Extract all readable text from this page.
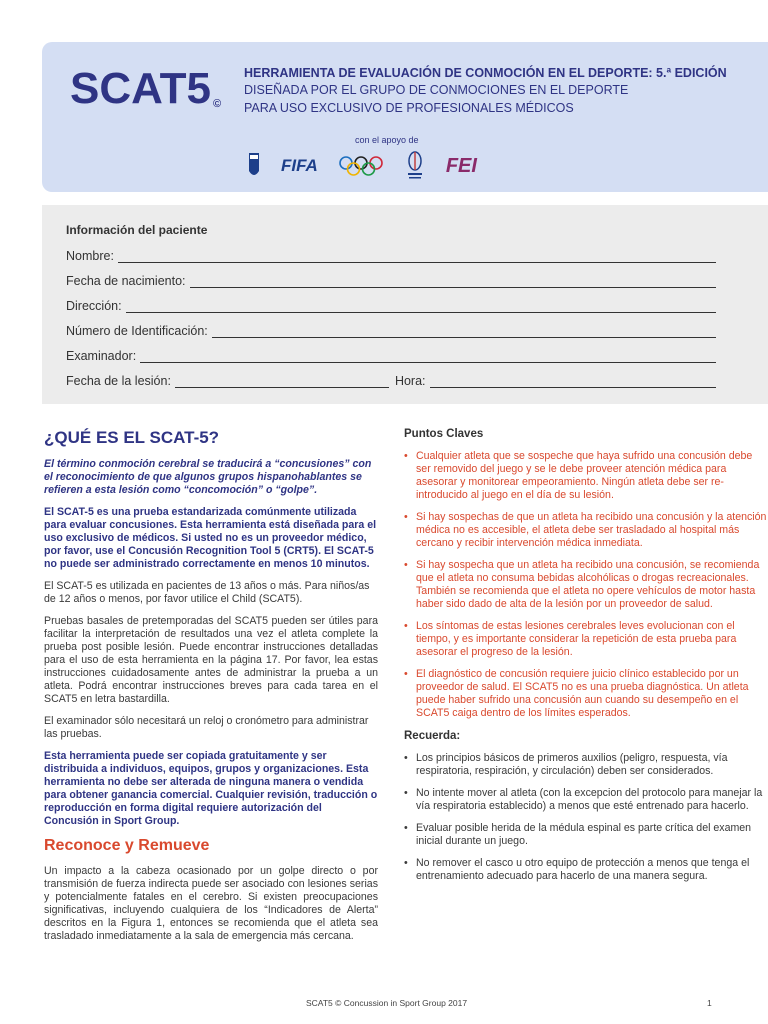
SCAT5 ©
HERRAMIENTA DE EVALUACIÓN DE CONMOCIÓN EN EL DEPORTE: 5.ª EDICIÓN
DISEÑADA POR EL GRUPO DE CONMOCIONES EN EL DEPORTE
PARA USO EXCLUSIVO DE PROFESIONALES MÉDICOS
con el apoyo de
FIFA	FEI
Información del paciente
Nombre:
Fecha de nacimiento:
Dirección:
Número de Identificación:
Examinador:
Fecha de la lesión:	Hora:
¿QUÉ ES EL SCAT-5?

El término conmoción cerebral se traducirá a “concusiones” con el reconocimiento de que algunos grupos hispanohablantes se refieren a esta lesión como “concomoción” o “golpe”.

El SCAT-5 es una prueba estandarizada comúnmente utilizada para evaluar concusiones. Esta herramienta está diseñada para el uso exclusivo de médicos. Si usted no es un proveedor médico, por favor, use el Concusión Recognition Tool 5 (CRT5). El SCAT-5 no puede ser administrado correctamente en menos 10 minutos.

El SCAT-5 es utilizada en pacientes de 13 años o más. Para niños/as de 12 años o menos, por favor utilice el Child (SCAT5).

Pruebas basales de pretemporadas del SCAT5 pueden ser útiles para facilitar la interpretación de resultados una vez el atleta complete la prueba post posible lesión. Puede encontrar instrucciones detalladas para el uso de esta herramienta en la página 17. Por favor, lea estas instrucciones cuidadosamente antes de administrar la prueba a un atleta. Podrá encontrar instrucciones breves para cada tarea en el SCAT5 en letra bastardilla.

El examinador sólo necesitará un reloj o cronómetro para administrar las pruebas.

Esta herramienta puede ser copiada gratuitamente y ser distribuida a individuos, equipos, grupos y organizaciones. Esta herramienta no debe ser alterada de ninguna manera o vendida para obtener ganancia comercial. Cualquier revisión, traducción o reproducción en forma digital requiere autorización del Concusión in Sport Group.

Reconoce y Remueve

Un impacto a la cabeza ocasionado por un golpe directo o por transmisión de fuerza indirecta puede ser asociado con lesiones serias y potencialmente fatales en el cerebro. Si existen preocupaciones significativas, incluyendo cualquiera de los “Indicadores de Alerta” descritos en la Figura 1, entonces se recomienda que el atleta sea trasladado inmediatamente a la sala de emergencia más cercana.

Puntos Claves
• Cualquier atleta que se sospeche que haya sufrido una concusión debe ser removido del juego y se le debe proveer atención médica para asesorar y monitorear empeoramiento. Ningún atleta debe ser re-introducido al juego en el día de su lesión.
• Si hay sospechas de que un atleta ha recibido una concusión y la atención médica no es accesible, el atleta debe ser trasladado al hospital más cercano y recibir intervención médica inmediata.
• Si hay sospecha que un atleta ha recibido una concusión, se recomienda que el atleta no consuma bebidas alcohólicas o drogas recreacionales. También se recomienda que el atleta no opere vehículos de motor hasta haber sido dado de alta de la lesión por un proveedor de salud.
• Los síntomas de estas lesiones cerebrales leves evolucionan con el tiempo, y es importante considerar la repetición de esta prueba para asesorar el progreso de la lesión.
• El diagnóstico de concusión requiere juicio clínico establecido por un proveedor de salud. El SCAT5 no es una prueba diagnóstica. Un atleta puede haber sufrido una concusión aun cuando su desempeño en el SCAT5 caiga dentro de los límites esperados.
Recuerda:
• Los principios básicos de primeros auxilios (peligro, respuesta, vía respiratoria, respiración, y circulación) deben ser considerados.
• No intente mover al atleta (con la excepcion del protocolo para manejar la vía respiratoria establecido) a menos que esté entrenado para hacerlo.
• Evaluar posible herida de la médula espinal es parte crítica del examen inicial durante un juego.
• No remover el casco u otro equipo de protección a menos que tenga el entrenamiento adecuado para hacerlo de una manera segura.
SCAT5 © Concussion in Sport Group 2017	1
